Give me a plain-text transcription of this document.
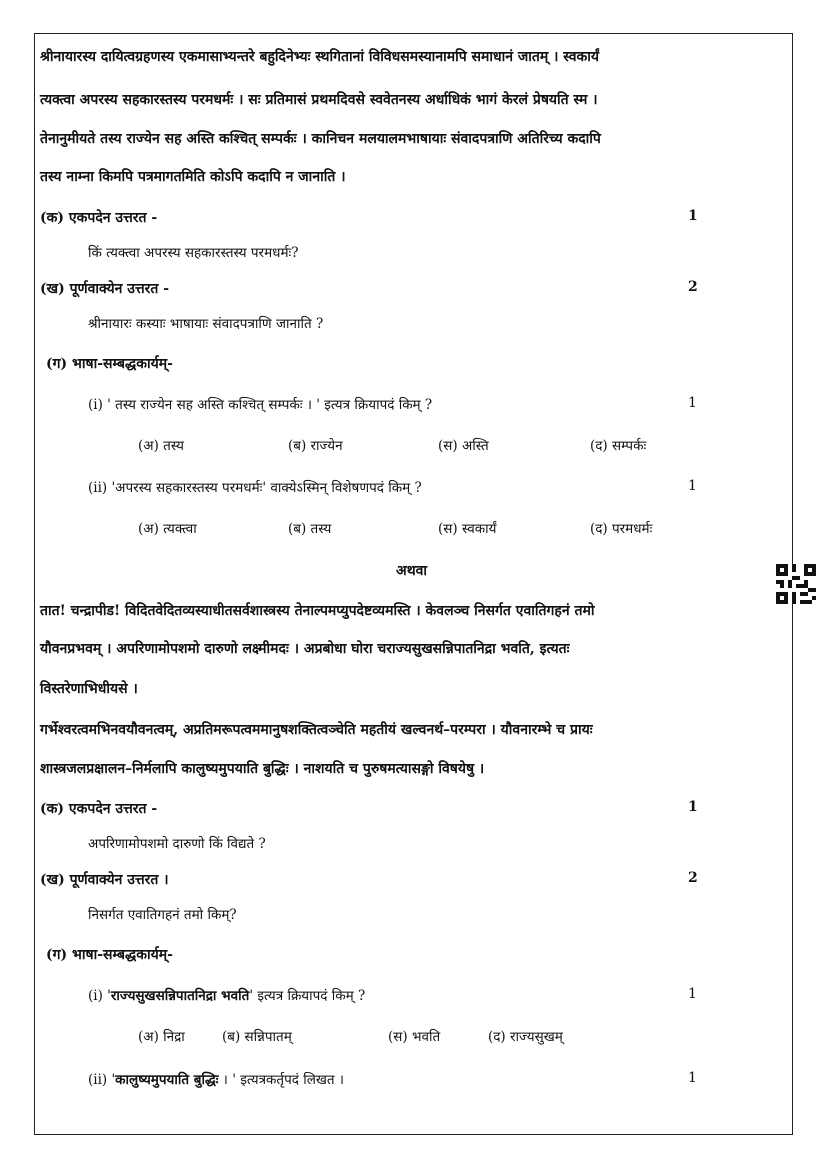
श्रीनायारस्य दायित्वग्रहणस्य एकमासाभ्यन्तरे बहुदिनेभ्यः स्थगितानां विविधसमस्यानामपि समाधानं जातम् । स्वकार्यं
त्यक्त्वा अपरस्य सहकारस्तस्य परमधर्मः । सः प्रतिमासं प्रथमदिवसे स्ववेतनस्य अर्धाधिकं भागं केरलं प्रेषयति स्म ।
तेनानुमीयते तस्य राज्येन सह अस्ति कश्चित् सम्पर्कः । कानिचन मलयालमभाषायाः संवादपत्राणि अतिरिच्य कदापि
तस्य नाम्ना किमपि पत्रमागतमिति कोऽपि कदापि न जानाति ।
(क) एकपदेन उत्तरत -	1
किं त्यक्त्वा अपरस्य सहकारस्तस्य परमधर्मः?
(ख) पूर्णवाक्येन उत्तरत -	2
श्रीनायारः कस्याः भाषायाः संवादपत्राणि जानाति ?
(ग) भाषा-सम्बद्धकार्यम्-
(i) ' तस्य राज्येन सह अस्ति कश्चित् सम्पर्कः । ' इत्यत्र क्रियापदं किम् ?	1
(अ) तस्य	(ब) राज्येन	(स) अस्ति	(द) सम्पर्कः
(ii) 'अपरस्य सहकारस्तस्य परमधर्मः' वाक्येऽस्मिन् विशेषणपदं किम् ?	1
(अ) त्यक्त्वा	(ब) तस्य	(स) स्वकार्यं	(द) परमधर्मः
अथवा
तात! चन्द्रापीड! विदितवेदितव्यस्याधीतसर्वशास्त्रस्य तेनाल्पमप्युपदेष्टव्यमस्ति । केवलञ्च निसर्गत एवातिगहनं तमो
यौवनप्रभवम् । अपरिणामोपशमो दारुणो लक्ष्मीमदः । अप्रबोधा घोरा चराज्यसुखसन्निपातनिद्रा भवति, इत्यतः
विस्तरेणाभिधीयसे ।
गर्भेश्वरत्वमभिनवयौवनत्वम्, अप्रतिमरूपत्वममानुषशक्तित्वञ्चेति महतीयं खल्वनर्थ–परम्परा । यौवनारम्भे च प्रायः
शास्त्रजलप्रक्षालन–निर्मलापि कालुष्यमुपयाति बुद्धिः । नाशयति च पुरुषमत्यासङ्गो विषयेषु ।
(क) एकपदेन उत्तरत -	1
अपरिणामोपशमो दारुणो किं विद्यते ?
(ख) पूर्णवाक्येन उत्तरत ।	2
निसर्गत एवातिगहनं तमो किम्?
(ग) भाषा-सम्बद्धकार्यम्-
(i) 'राज्यसुखसन्निपातनिद्रा भवति' इत्यत्र क्रियापदं किम् ?	1
(अ) निद्रा	(ब) सन्निपातम्	(स) भवति	(द) राज्यसुखम्
(ii) 'कालुष्यमुपयाति बुद्धिः । ' इत्यत्रकर्तृपदं लिखत ।	1
